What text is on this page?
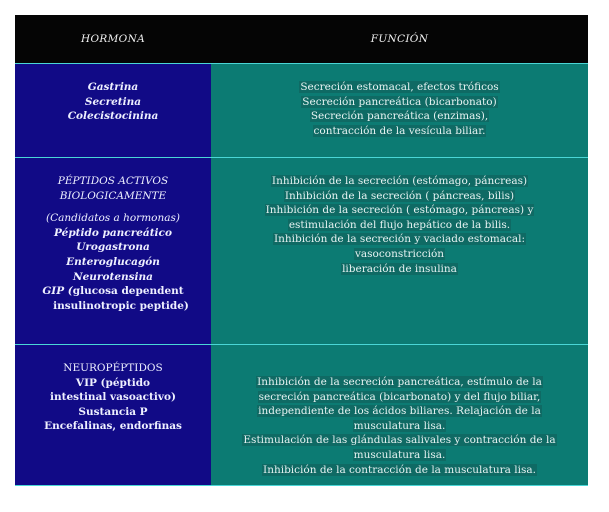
HORMONA	FUNCIÓN
Gastrina
Secretina
Colecistocinina
Secreción estomacal, efectos tróficos
Secreción pancreática (bicarbonato)
Secreción pancreática (enzimas),
contracción de la vesícula biliar.
PÉPTIDOS ACTIVOS
BIOLOGICAMENTE
(Candidatos a hormonas)
Péptido pancreático
Urogastrona
Enteroglucagón
Neurotensina
GIP (glucosa dependent
insulinotropic peptide)
Inhibición de la secreción (estómago, páncreas)
Inhibición de la secreción ( páncreas, bilis)
Inhibición de la secreción ( estómago, páncreas) y
estimulación del flujo hepático de la bilis.
Inhibición de la secreción y vaciado estomacal:
vasoconstricción
liberación de insulina
NEUROPÉPTIDOS
VIP (péptido
intestinal vasoactivo)
Sustancia P
Encefalinas, endorfinas
Inhibición de la secreción pancreática, estímulo de la
secreción pancreática (bicarbonato) y del flujo biliar,
independiente de los ácidos biliares. Relajación de la
musculatura lisa.
Estimulación de las glándulas salivales y contracción de la
musculatura lisa.
Inhibición de la contracción de la musculatura lisa.
